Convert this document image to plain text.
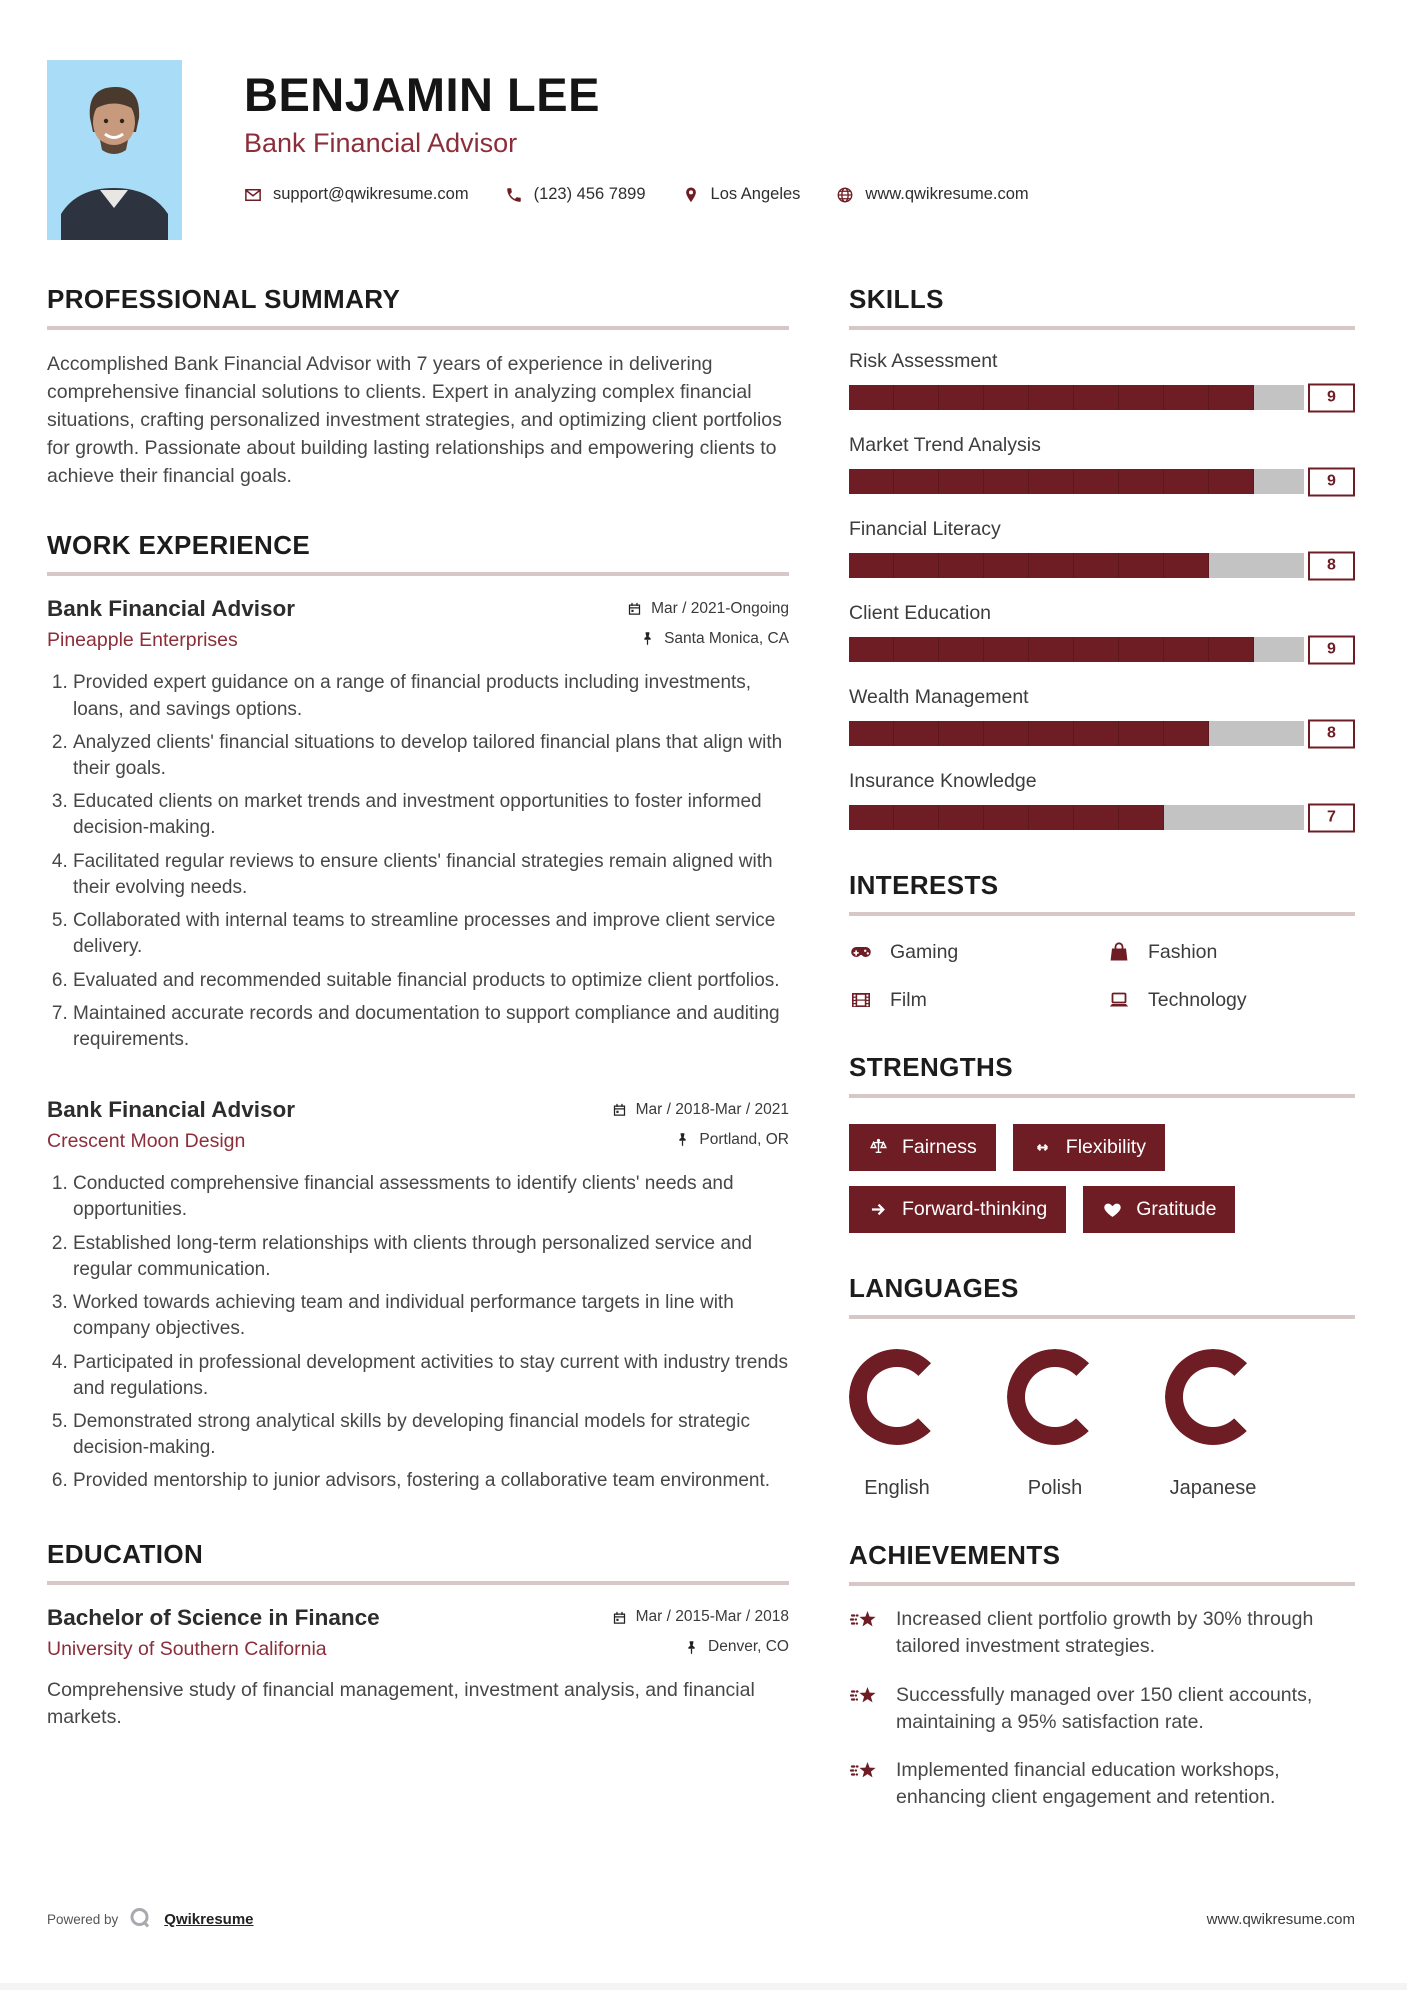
BENJAMIN LEE
Bank Financial Advisor
support@qwikresume.com	(123) 456 7899	Los Angeles	www.qwikresume.com
PROFESSIONAL SUMMARY

Accomplished Bank Financial Advisor with 7 years of experience in delivering comprehensive financial solutions to clients. Expert in analyzing complex financial situations, crafting personalized investment strategies, and optimizing client portfolios for growth. Passionate about building lasting relationships and empowering clients to achieve their financial goals.

WORK EXPERIENCE
Bank Financial Advisor	Mar / 2021-Ongoing
Pineapple Enterprises	Santa Monica, CA
1. Provided expert guidance on a range of financial products including investments, loans, and savings options.
2. Analyzed clients' financial situations to develop tailored financial plans that align with their goals.
3. Educated clients on market trends and investment opportunities to foster informed decision-making.
4. Facilitated regular reviews to ensure clients' financial strategies remain aligned with their evolving needs.
5. Collaborated with internal teams to streamline processes and improve client service delivery.
6. Evaluated and recommended suitable financial products to optimize client portfolios.
7. Maintained accurate records and documentation to support compliance and auditing requirements.
Bank Financial Advisor	Mar / 2018-Mar / 2021
Crescent Moon Design	Portland, OR
1. Conducted comprehensive financial assessments to identify clients' needs and opportunities.
2. Established long-term relationships with clients through personalized service and regular communication.
3. Worked towards achieving team and individual performance targets in line with company objectives.
4. Participated in professional development activities to stay current with industry trends and regulations.
5. Demonstrated strong analytical skills by developing financial models for strategic decision-making.
6. Provided mentorship to junior advisors, fostering a collaborative team environment.
EDUCATION
Bachelor of Science in Finance	Mar / 2015-Mar / 2018
University of Southern California	Denver, CO

Comprehensive study of financial management, investment analysis, and financial markets.

SKILLS
Risk Assessment
9
Market Trend Analysis
9
Financial Literacy
8
Client Education
9
Wealth Management
8
Insurance Knowledge
7
INTERESTS
Gaming	Fashion
Film	Technology
STRENGTHS
Fairness	Flexibility
Forward-thinking	Gratitude
LANGUAGES
English	Polish	Japanese
ACHIEVEMENTS
Increased client portfolio growth by 30% through tailored investment strategies.
Successfully managed over 150 client accounts, maintaining a 95% satisfaction rate.
Implemented financial education workshops, enhancing client engagement and retention.
Powered by	Qwikresume	www.qwikresume.com
